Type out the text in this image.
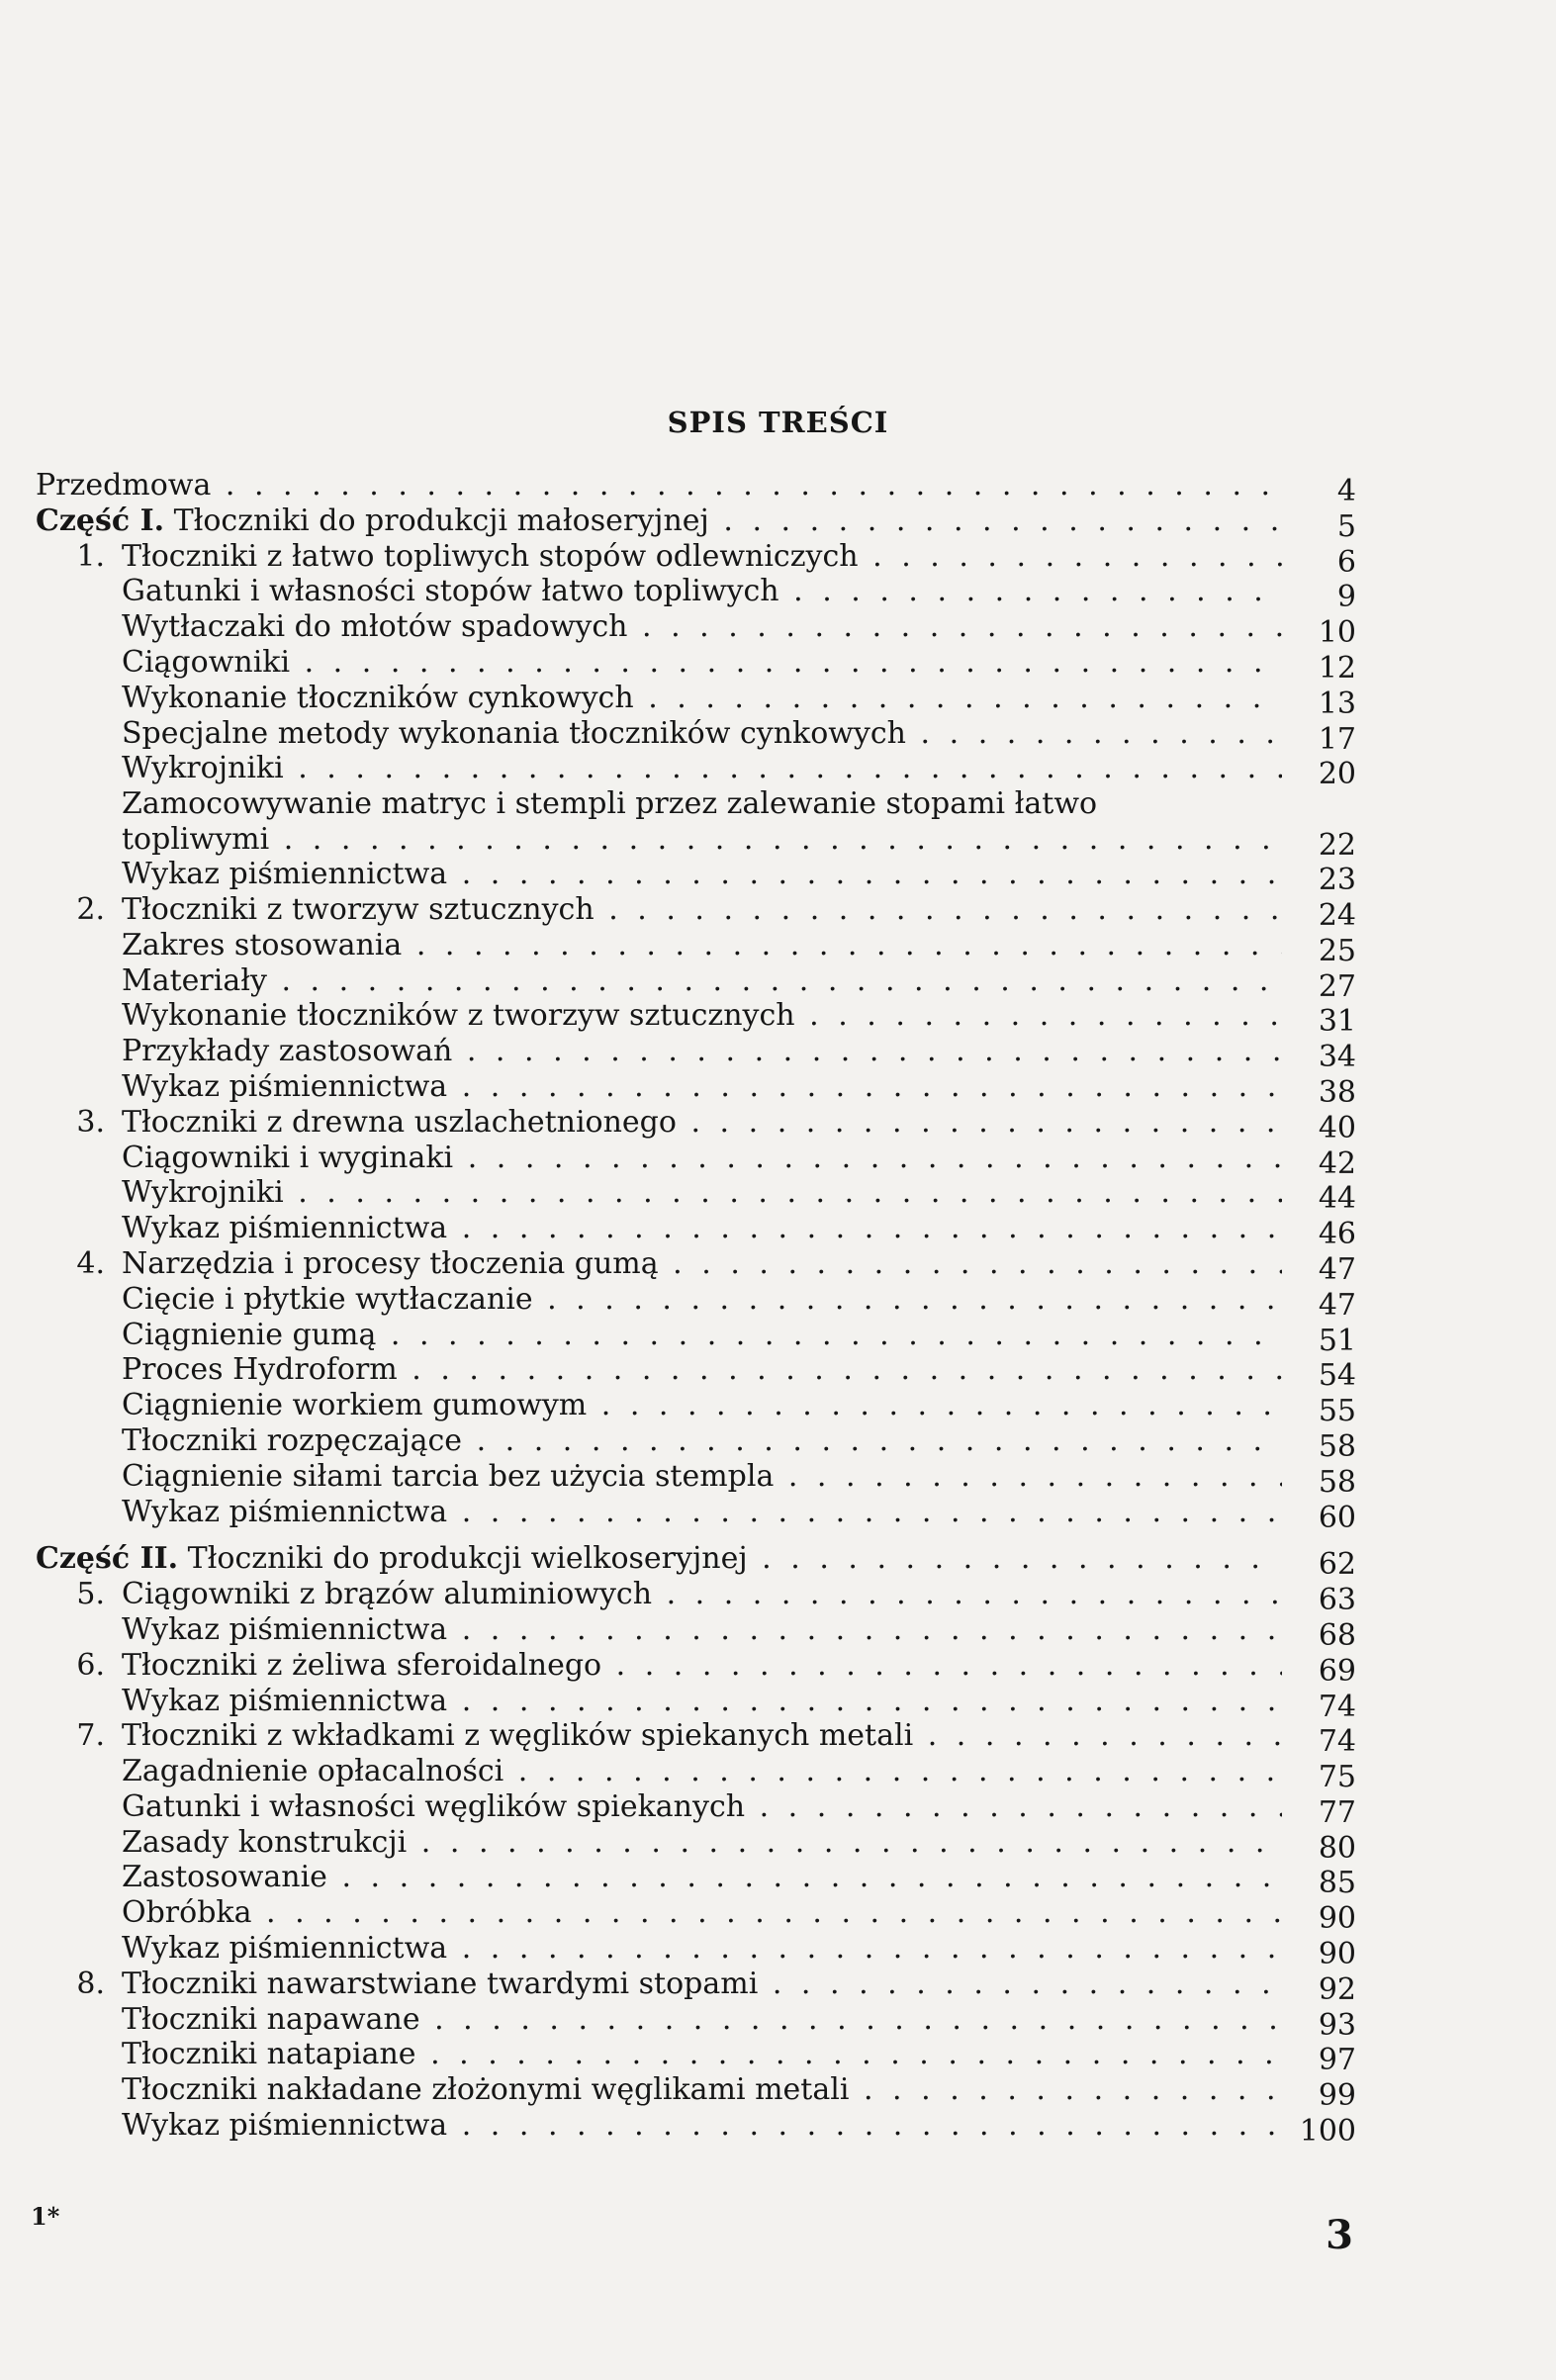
SPIS TREŚCI
Przedmowa . . .	4
Część I. Tłoczniki do produkcji małoseryjnej . . .	5
1. Tłoczniki z łatwo topliwych stopów odlewniczych . . .	6
Gatunki i własności stopów łatwo topliwych . . .	9
Wytłaczaki do młotów spadowych . . .	10
Ciągowniki . . .	12
Wykonanie tłoczników cynkowych . . .	13
Specjalne metody wykonania tłoczników cynkowych . . .	17
Wykrojniki . . .	20
Zamocowywanie matryc i stempli przez zalewanie stopami łatwo
topliwymi . . .	22
Wykaz piśmiennictwa . . .	23
2. Tłoczniki z tworzyw sztucznych . . .	24
Zakres stosowania . . .	25
Materiały . . .	27
Wykonanie tłoczników z tworzyw sztucznych . . .	31
Przykłady zastosowań . . .	34
Wykaz piśmiennictwa . . .	38
3. Tłoczniki z drewna uszlachetnionego . . .	40
Ciągowniki i wyginaki . . .	42
Wykrojniki . . .	44
Wykaz piśmiennictwa . . .	46
4. Narzędzia i procesy tłoczenia gumą . . .	47
Cięcie i płytkie wytłaczanie . . .	47
Ciągnienie gumą . . .	51
Proces Hydroform . . .	54
Ciągnienie workiem gumowym . . .	55
Tłoczniki rozpęczające . . .	58
Ciągnienie siłami tarcia bez użycia stempla . . .	58
Wykaz piśmiennictwa . . .	60
Część II. Tłoczniki do produkcji wielkoseryjnej . . .	62
5. Ciągowniki z brązów aluminiowych . . .	63
Wykaz piśmiennictwa . . .	68
6. Tłoczniki z żeliwa sferoidalnego . . .	69
Wykaz piśmiennictwa . . .	74
7. Tłoczniki z wkładkami z węglików spiekanych metali . . .	74
Zagadnienie opłacalności . . .	75
Gatunki i własności węglików spiekanych . . .	77
Zasady konstrukcji . . .	80
Zastosowanie . . .	85
Obróbka . . .	90
Wykaz piśmiennictwa . . .	90
8. Tłoczniki nawarstwiane twardymi stopami . . .	92
Tłoczniki napawane . . .	93
Tłoczniki natapiane . . .	97
Tłoczniki nakładane złożonymi węglikami metali . . .	99
Wykaz piśmiennictwa . . .	100
1*	3
